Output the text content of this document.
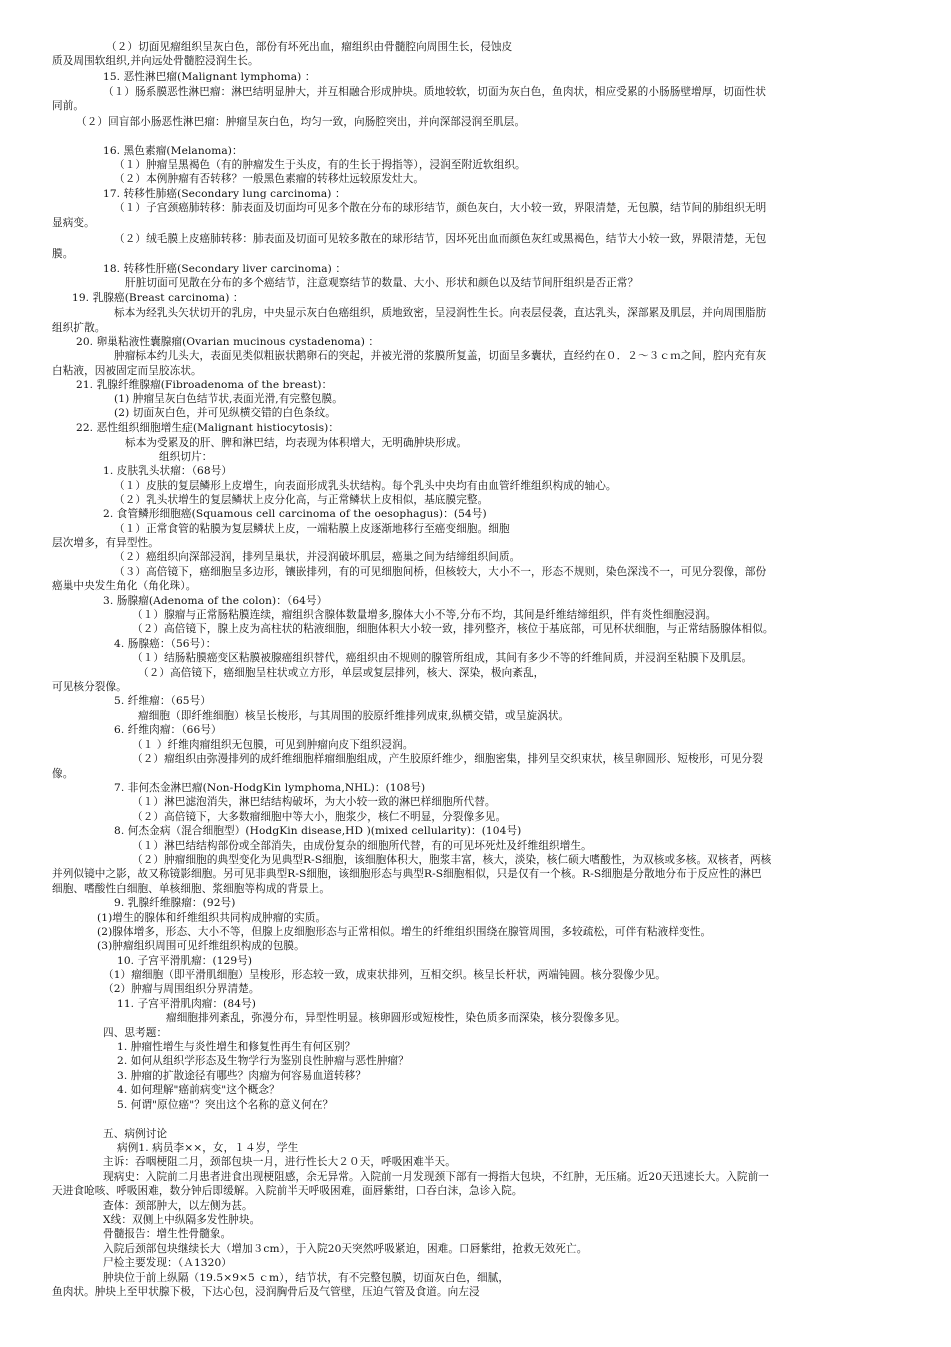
（２）切面见瘤组织呈灰白色，部份有坏死出血，瘤组织由骨髓腔向周围生长，侵蚀皮
质及周围软组织,并向远处骨髓腔浸润生长。
15. 恶性淋巴瘤(Malignant lymphoma) ：
（１）肠系膜恶性淋巴瘤：淋巴结明显肿大，并互相融合形成肿块。质地较软，切面为灰白色，鱼肉状，相应受累的小肠肠壁增厚，切面性状
同前。
（２）回盲部小肠恶性淋巴瘤：肿瘤呈灰白色，均匀一致，向肠腔突出，并向深部浸润至肌层。
16. 黑色素瘤(Melanoma)：
（１）肿瘤呈黑褐色（有的肿瘤发生于头皮，有的生长于拇指等），浸润至附近软组织。
（２）本例肿瘤有否转移？一般黑色素瘤的转移灶远较原发灶大。
17. 转移性肺癌(Secondary lung carcinoma) ：
（１）子宫颈癌肺转移：肺表面及切面均可见多个散在分布的球形结节，颜色灰白，大小较一致，界限清楚，无包膜，结节间的肺组织无明
显病变。
（２）绒毛膜上皮癌肺转移：肺表面及切面可见较多散在的球形结节，因坏死出血而颜色灰红或黑褐色，结节大小较一致，界限清楚，无包
膜。
18. 转移性肝癌(Secondary liver carcinoma) ：
肝脏切面可见散在分布的多个癌结节，注意观察结节的数量、大小、形状和颜色以及结节间肝组织是否正常？
19. 乳腺癌(Breast carcinoma) ：
标本为经乳头矢状切开的乳房，中央显示灰白色癌组织，质地致密，呈浸润性生长。向表层侵袭，直达乳头，深部累及肌层，并向周围脂肪
组织扩散。
20. 卵巢粘液性囊腺瘤(Ovarian mucinous cystadenoma) ：
肿瘤标本约儿头大，表面见类似粗嵌状鹅卵石的突起，并被光滑的浆膜所复盖，切面呈多囊状，直经约在０．２～３ｃｍ之间，腔内充有灰
白粘液，因被固定而呈胶冻状。
21. 乳腺纤维腺瘤(Fibroadenoma of the breast)：
(1) 肿瘤呈灰白色结节状,表面光滑,有完整包膜。
(2) 切面灰白色，并可见纵横交错的白色条纹。
22. 恶性组织细胞增生症(Malignant histiocytosis)：
标本为受累及的肝、脾和淋巴结，均表现为体积增大，无明确肿块形成。
组织切片：
1. 皮肤乳头状瘤：（68号）
（１）皮肤的复层鳞形上皮增生，向表面形成乳头状结构。每个乳头中央均有由血管纤维组织构成的轴心。
（２）乳头状增生的复层鳞状上皮分化高，与正常鳞状上皮相似，基底膜完整。
2. 食管鳞形细胞癌(Squamous cell carcinoma of the oesophagus)：(54号)
（１）正常食管的粘膜为复层鳞状上皮，一端粘膜上皮逐渐地移行至癌变细胞。细胞
层次增多，有异型性。
（２）癌组织向深部浸润，排列呈巢状，并浸润破坏肌层，癌巢之间为结缔组织间质。
（３）高倍镜下，癌细胞呈多边形，镶嵌排列，有的可见细胞间桥，但核较大，大小不一，形态不规则，染色深浅不一，可见分裂像，部份
癌巢中央发生角化（角化珠）。
3. 肠腺瘤(Adenoma of the colon)：（64号）
（１）腺瘤与正常肠粘膜连续，瘤组织含腺体数量增多,腺体大小不等,分布不均，其间是纤维结缔组织，伴有炎性细胞浸润。
（２）高倍镜下，腺上皮为高柱状的粘液细胞，细胞体积大小较一致，排列整齐，核位于基底部，可见杯状细胞，与正常结肠腺体相似。
4. 肠腺癌：（56号）：
（１）结肠粘膜癌变区粘膜被腺癌组织替代，癌组织由不规则的腺管所组成，其间有多少不等的纤维间质，并浸润至粘膜下及肌层。
（２）高倍镜下，癌细胞呈柱状或立方形，单层或复层排列，核大、深染，极向紊乱，
可见核分裂像。
5. 纤维瘤：（65号）
瘤细胞（即纤维细胞）核呈长梭形，与其周围的胶原纤维排列成束,纵横交错，或呈旋涡状。
6. 纤维肉瘤：（66号）
（１ ）纤维肉瘤组织无包膜，可见到肿瘤向皮下组织浸润。
（２）瘤组织由弥漫排列的成纤维细胞样瘤细胞组成，产生胶原纤维少，细胞密集，排列呈交织束状，核呈卵圆形、短梭形，可见分裂
像。
7. 非何杰金淋巴瘤(Non-HodgKin lymphoma,NHL)：(108号)
（１）淋巴滤泡消失，淋巴结结构破坏，为大小较一致的淋巴样细胞所代替。
（２）高倍镜下，大多数瘤细胞中等大小，胞浆少，核仁不明显，分裂像多见。
8. 何杰金病（混合细胞型）(HodgKin disease,HD )(mixed cellularity)：(104号)
（１）淋巴结结构部份或全部消失，由成份复杂的细胞所代替，有的可见坏死灶及纤维组织增生。
（２）肿瘤细胞的典型变化为见典型R-S细胞，该细胞体积大，胞浆丰富，核大，淡染，核仁硕大嗜酸性，为双核或多核。双核者，两核
并列似镜中之影，故又称镜影细胞。另可见非典型R-S细胞，该细胞形态与典型R-S细胞相似，只是仅有一个核。R-S细胞是分散地分布于反应性的淋巴
细胞、嗜酸性白细胞、单核细胞、浆细胞等构成的背景上。
9. 乳腺纤维腺瘤：(92号)
(1)增生的腺体和纤维组织共同构成肿瘤的实质。
(2)腺体增多，形态、大小不等，但腺上皮细胞形态与正常相似。增生的纤维组织围绕在腺管周围，多较疏松，可伴有粘液样变性。
(3)肿瘤组织周围可见纤维组织构成的包膜。
10. 子宫平滑肌瘤：(129号)
（1）瘤细胞（即平滑肌细胞）呈梭形，形态较一致，成束状排列，互相交织。核呈长杆状，两端钝圆。核分裂像少见。
（2）肿瘤与周围组织分界清楚。
11. 子宫平滑肌肉瘤：(84号)
瘤细胞排列紊乱，弥漫分布，异型性明显。核卵圆形或短梭性，染色质多而深染，核分裂像多见。
四、思考题：
1. 肿瘤性增生与炎性增生和修复性再生有何区别？
2. 如何从组织学形态及生物学行为鉴别良性肿瘤与恶性肿瘤？
3. 肿瘤的扩散途径有哪些？肉瘤为何容易血道转移？
4. 如何理解"癌前病变"这个概念？
5. 何谓"原位癌"？突出这个名称的意义何在？
五、病例讨论
病例1. 病员李××，女，１４岁，学生
主诉：吞咽梗阻二月，颈部包块一月，进行性长大２０天，呼吸困难半天。
现病史：入院前二月患者进食出现梗阻感，余无异常。入院前一月发现颈下部有一拇指大包块，不红肿，无压痛。近20天迅速长大。入院前一
天进食呛咳、呼吸困难，数分钟后即缓解。入院前半天呼吸困难，面唇紫绀，口吞白沫，急诊入院。
查体：颈部肿大，以左侧为甚。
X线：双侧上中纵隔多发性肿块。
骨髓报告：增生性骨髓象。
入院后颈部包块继续长大（增加３cm），于入院20天突然呼吸紧迫，困难。口唇紫绀，抢救无效死亡。
尸检主要发现：（Ａ1320）
肿块位于前上纵隔（19.5×9×5 ｃm），结节状，有不完整包膜，切面灰白色，细腻，
鱼肉状。肿块上至甲状腺下极，下达心包，浸润胸骨后及气管壁，压迫气管及食道。向左浸
